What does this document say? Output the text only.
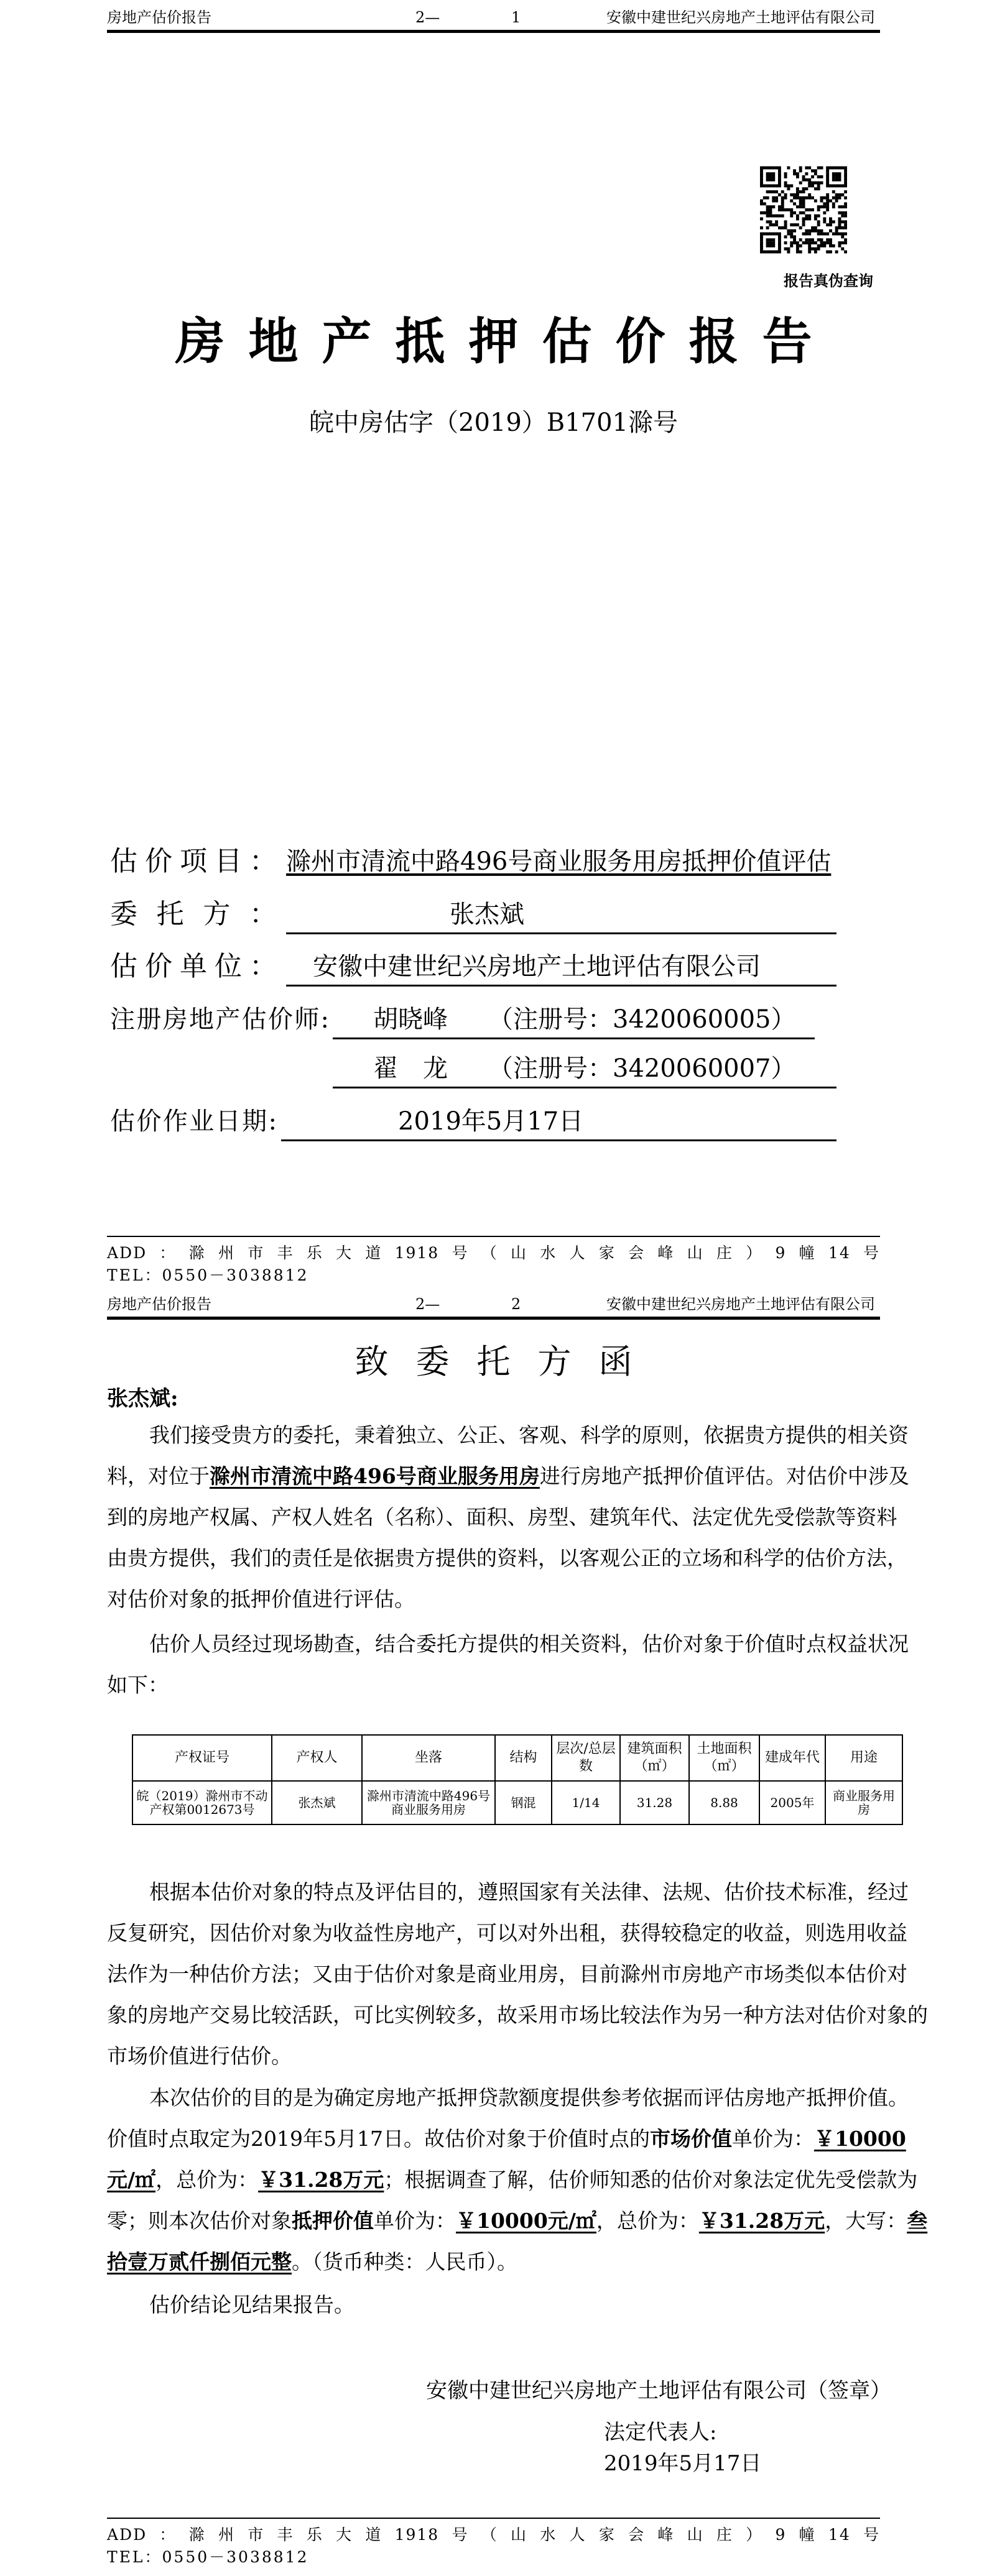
房地产估价报告	2—	1	安徽中建世纪兴房地产土地评估有限公司
报告真伪查询
房地产抵押估价报告
皖中房估字（2019）B1701滁号
估价项目： 滁州市清流中路496号商业服务用房抵押价值评估
委托方：	张杰斌
估价单位： 安徽中建世纪兴房地产土地评估有限公司
注册房地产估价师: 胡晓峰 （注册号：3420060005）
翟　龙 （注册号：3420060007）
估价作业日期:	2019年5月17日
ADD：滁州市丰乐大道1918号（山水人家会峰山庄）9幢14号
TEL：0550－3038812
房地产估价报告	2—	2	安徽中建世纪兴房地产土地评估有限公司
致委托方函
张杰斌:
我们接受贵方的委托，秉着独立、公正、客观、科学的原则，依据贵方提供的相关资
料，对位于滁州市清流中路496号商业服务用房进行房地产抵押价值评估。对估价中涉及
到的房地产权属、产权人姓名（名称）、面积、房型、建筑年代、法定优先受偿款等资料
由贵方提供，我们的责任是依据贵方提供的资料，以客观公正的立场和科学的估价方法，
对估价对象的抵押价值进行评估。
估价人员经过现场勘查，结合委托方提供的相关资料，估价对象于价值时点权益状况
如下：
产权证号	产权人	坐落	结构	层次/总层数	建筑面积（㎡）	土地面积（㎡）	建成年代	用途
皖（2019）滁州市不动产权第0012673号	张杰斌	滁州市清流中路496号商业服务用房	钢混	1/14	31.28	8.88	2005年	商业服务用房
根据本估价对象的特点及评估目的，遵照国家有关法律、法规、估价技术标准，经过
反复研究，因估价对象为收益性房地产，可以对外出租，获得较稳定的收益，则选用收益
法作为一种估价方法；又由于估价对象是商业用房，目前滁州市房地产市场类似本估价对
象的房地产交易比较活跃，可比实例较多，故采用市场比较法作为另一种方法对估价对象的
市场价值进行估价。
本次估价的目的是为确定房地产抵押贷款额度提供参考依据而评估房地产抵押价值。
价值时点取定为2019年5月17日。故估价对象于价值时点的市场价值单价为：￥10000
元/㎡，总价为：￥31.28万元；根据调查了解，估价师知悉的估价对象法定优先受偿款为
零；则本次估价对象抵押价值单价为：￥10000元/㎡，总价为：￥31.28万元，大写：叁
拾壹万贰仟捌佰元整。（货币种类：人民币）。
估价结论见结果报告。
安徽中建世纪兴房地产土地评估有限公司（签章）
法定代表人:
2019年5月17日
ADD：滁州市丰乐大道1918号（山水人家会峰山庄）9幢14号
TEL：0550－3038812
